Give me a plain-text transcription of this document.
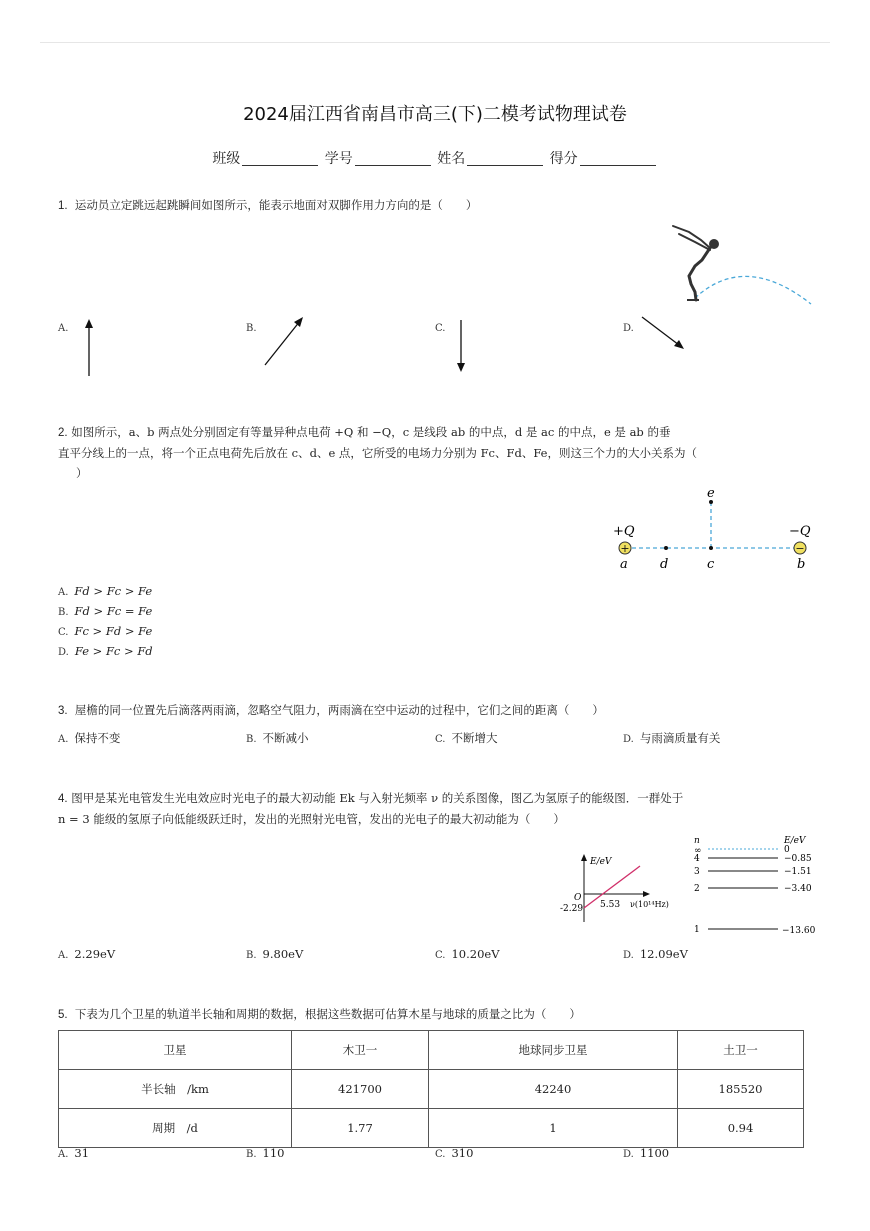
2024届江西省南昌市高三(下)二模考试物理试卷
班级	学号	姓名	得分
1. 运动员立定跳远起跳瞬间如图所示，能表示地面对双脚作用力方向的是（　　）
A.	B.	C.	D.
2. 如图所示，a、b 两点处分别固定有等量异种点电荷 +Q 和 −Q，c 是线段 ab 的中点，d 是 ac 的中点，e 是 ab 的垂
直平分线上的一点，将一个正点电荷先后放在 c、d、e 点，它所受的电场力分别为 Fc、Fd、Fe，则这三个力的大小关系为（
）
+	−
+Q	−Q
a d	c	b
e
A. Fd > Fc > Fe
B. Fd > Fc = Fe
C. Fc > Fd > Fe
D. Fe > Fc > Fd
3. 屋檐的同一位置先后滴落两雨滴，忽略空气阻力，两雨滴在空中运动的过程中，它们之间的距离（　　）
A. 保持不变	B. 不断减小	C. 不断增大	D. 与雨滴质量有关
4. 图甲是某光电管发生光电效应时光电子的最大初动能 Ek 与入射光频率 ν 的关系图像，图乙为氢原子的能级图．一群处于
n = 3 能级的氢原子向低能级跃迁时，发出的光照射光电管，发出的光电子的最大初动能为（　　）
E/eV
O
-2.29 5.53 ν(10¹⁴Hz)
n	E/eV
∞	0
4	−0.85
3	−1.51
2	−3.40
1	−13.60
A. 2.29eV	B. 9.80eV	C. 10.20eV	D. 12.09eV
5. 下表为几个卫星的轨道半长轴和周期的数据，根据这些数据可估算木星与地球的质量之比为（　　）
卫星	木卫一	地球同步卫星	土卫一
半长轴　/km	421700	42240	185520
周期　/d	1.77	1	0.94
A. 31	B. 110	C. 310	D. 1100
